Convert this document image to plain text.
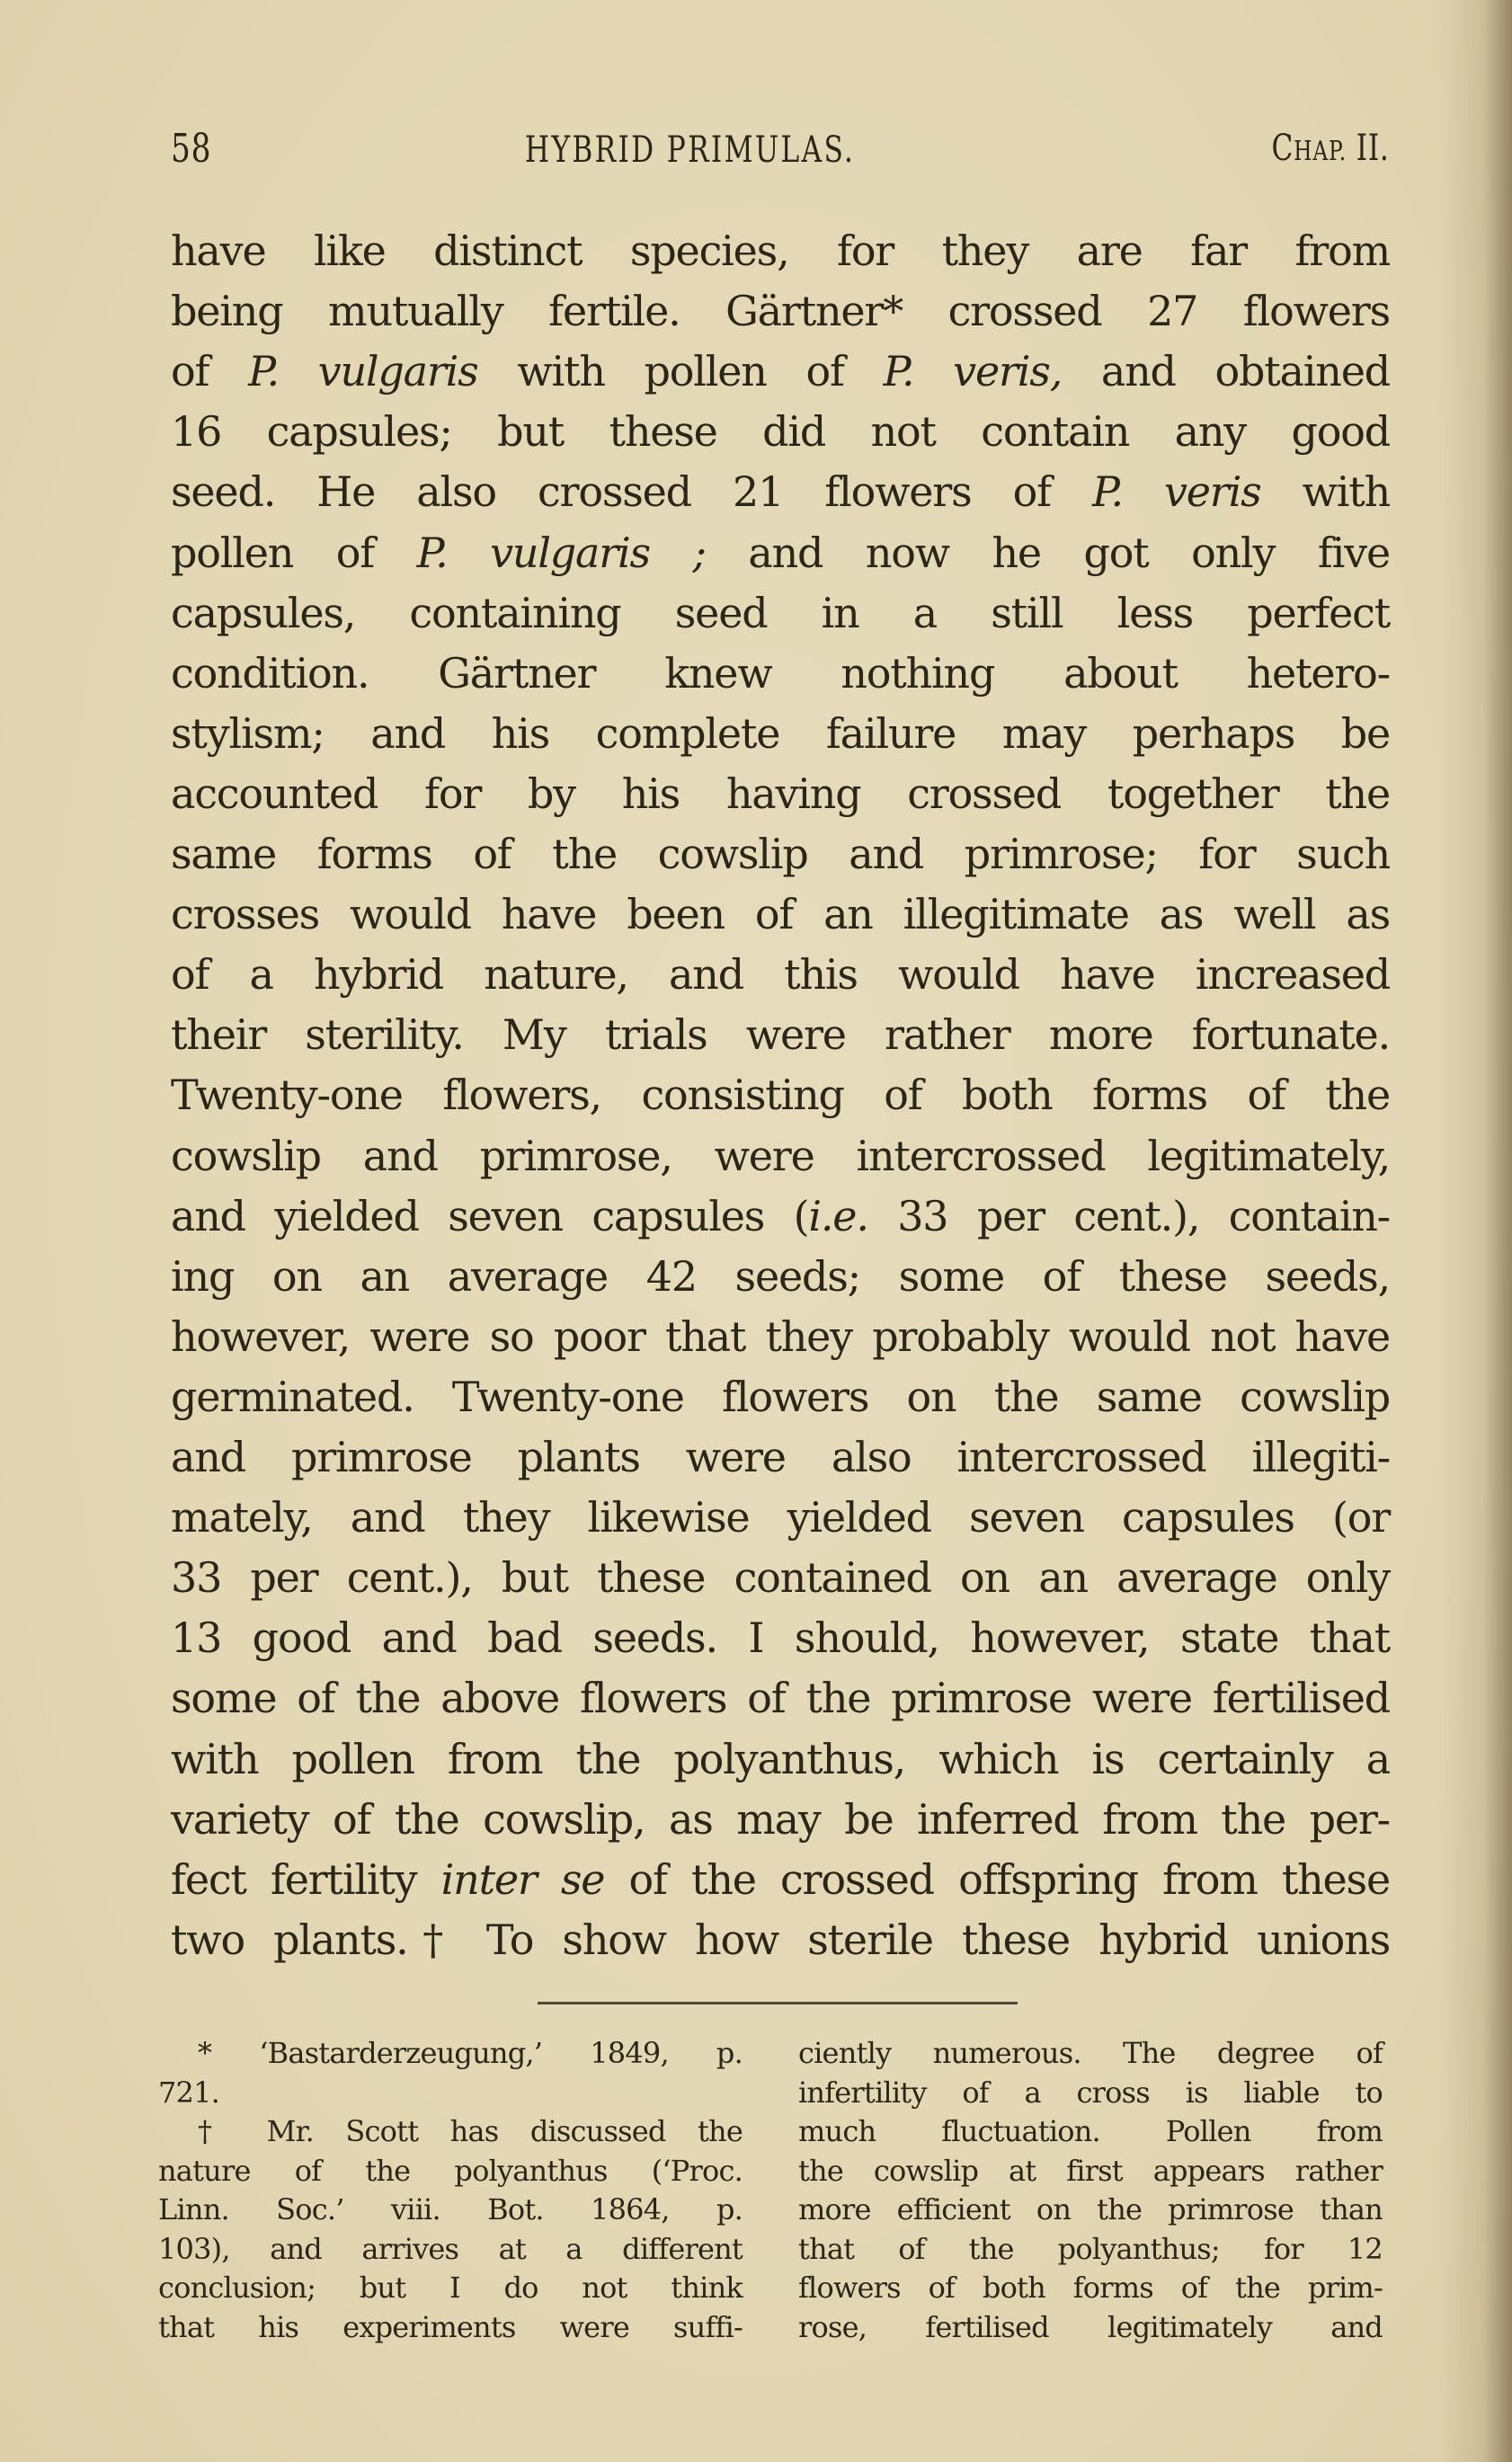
58	HYBRID PRIMULAS.	CHAP. II.
have like distinct species, for they are far from
being mutually fertile. Gärtner* crossed 27 flowers
of P. vulgaris with pollen of P. veris, and obtained
16 capsules; but these did not contain any good
seed. He also crossed 21 flowers of P. veris with
pollen of P. vulgaris ; and now he got only five
capsules, containing seed in a still less perfect
condition. Gärtner knew nothing about hetero-
stylism; and his complete failure may perhaps be
accounted for by his having crossed together the
same forms of the cowslip and primrose; for such
crosses would have been of an illegitimate as well as
of a hybrid nature, and this would have increased
their sterility. My trials were rather more fortunate.
Twenty-one flowers, consisting of both forms of the
cowslip and primrose, were intercrossed legitimately,
and yielded seven capsules (i.e. 33 per cent.), contain-
ing on an average 42 seeds; some of these seeds,
however, were so poor that they probably would not have
germinated. Twenty-one flowers on the same cowslip
and primrose plants were also intercrossed illegiti-
mately, and they likewise yielded seven capsules (or
33 per cent.), but these contained on an average only
13 good and bad seeds. I should, however, state that
some of the above flowers of the primrose were fertilised
with pollen from the polyanthus, which is certainly a
variety of the cowslip, as may be inferred from the per-
fect fertility inter se of the crossed offspring from these
two plants.† To show how sterile these hybrid unions
* ‘Bastarderzeugung,’ 1849, p.
721.
† Mr. Scott has discussed the
nature of the polyanthus (‘Proc.
Linn. Soc.’ viii. Bot. 1864, p.
103), and arrives at a different
conclusion; but I do not think
that his experiments were suffi-
ciently numerous. The degree of
infertility of a cross is liable to
much fluctuation. Pollen from
the cowslip at first appears rather
more efficient on the primrose than
that of the polyanthus; for 12
flowers of both forms of the prim-
rose, fertilised legitimately and
